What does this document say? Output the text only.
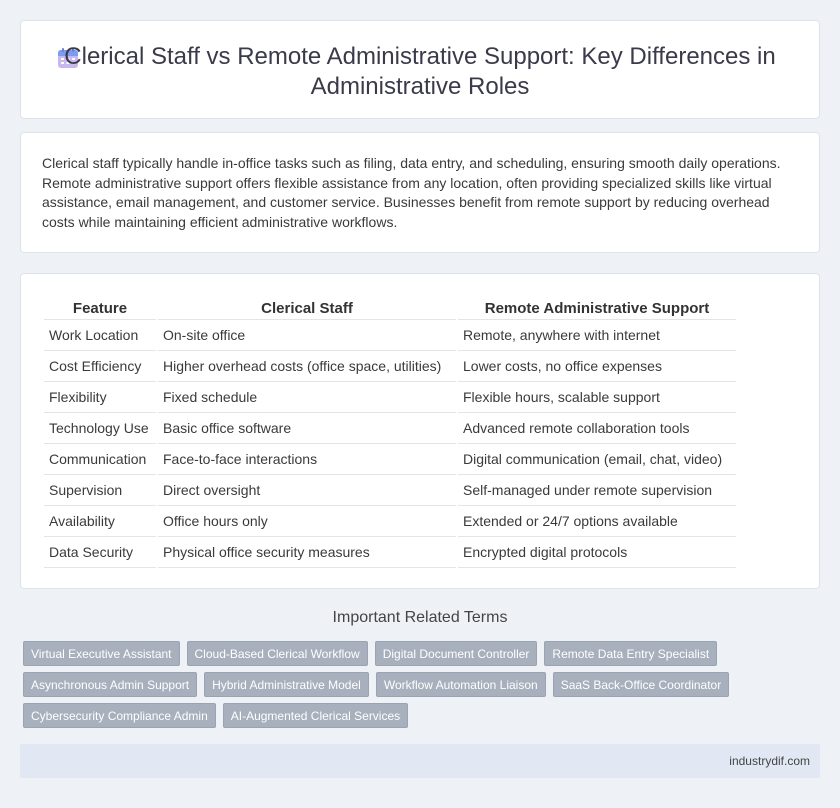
Clerical Staff vs Remote Administrative Support: Key Differences in Administrative Roles

Clerical staff typically handle in-office tasks such as filing, data entry, and scheduling, ensuring smooth daily operations. Remote administrative support offers flexible assistance from any location, often providing specialized skills like virtual assistance, email management, and customer service. Businesses benefit from remote support by reducing overhead costs while maintaining efficient administrative workflows.

Feature	Clerical Staff	Remote Administrative Support
Work Location	On-site office	Remote, anywhere with internet
Cost Efficiency	Higher overhead costs (office space, utilities)	Lower costs, no office expenses
Flexibility	Fixed schedule	Flexible hours, scalable support
Technology Use	Basic office software	Advanced remote collaboration tools
Communication	Face-to-face interactions	Digital communication (email, chat, video)
Supervision	Direct oversight	Self-managed under remote supervision
Availability	Office hours only	Extended or 24/7 options available
Data Security	Physical office security measures	Encrypted digital protocols
Important Related Terms
Virtual Executive Assistant	Cloud-Based Clerical Workflow	Digital Document Controller	Remote Data Entry Specialist
Asynchronous Admin Support	Hybrid Administrative Model	Workflow Automation Liaison	SaaS Back-Office Coordinator
Cybersecurity Compliance Admin	AI-Augmented Clerical Services
industrydif.com
